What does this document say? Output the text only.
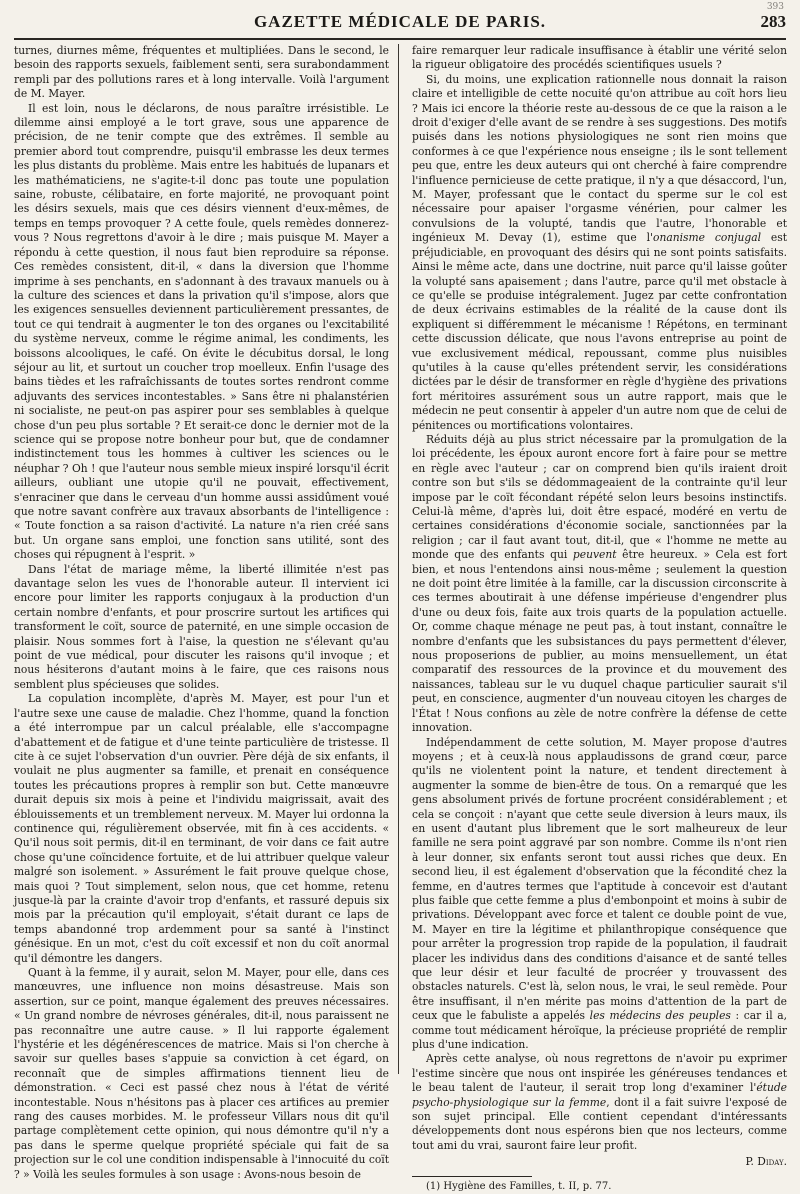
393
GAZETTE MÉDICALE DE PARIS.	283

turnes, diurnes même, fréquentes et multipliées. Dans le second, le besoin des rapports sexuels, faiblement senti, sera surabondamment rempli par des pollutions rares et à long intervalle. Voilà l'argument de M. Mayer.

Il est loin, nous le déclarons, de nous paraître irrésistible. Le dilemme ainsi employé a le tort grave, sous une apparence de précision, de ne tenir compte que des extrêmes. Il semble au premier abord tout comprendre, puisqu'il embrasse les deux termes les plus distants du problème. Mais entre les habitués de lupanars et les mathématiciens, ne s'agite-t-il donc pas toute une population saine, robuste, célibataire, en forte majorité, ne provoquant point les désirs sexuels, mais que ces désirs viennent d'eux-mêmes, de temps en temps provoquer ? A cette foule, quels remèdes donnerez-vous ? Nous regrettons d'avoir à le dire ; mais puisque M. Mayer a répondu à cette question, il nous faut bien reproduire sa réponse. Ces remèdes consistent, dit-il, « dans la diversion que l'homme imprime à ses penchants, en s'adonnant à des travaux manuels ou à la culture des sciences et dans la privation qu'il s'impose, alors que les exigences sensuelles deviennent particulièrement pressantes, de tout ce qui tendrait à augmenter le ton des organes ou l'excitabilité du système nerveux, comme le régime animal, les condiments, les boissons alcooliques, le café. On évite le décubitus dorsal, le long séjour au lit, et surtout un coucher trop moelleux. Enfin l'usage des bains tièdes et les rafraîchissants de toutes sortes rendront comme adjuvants des services incontestables. » Sans être ni phalanstérien ni socialiste, ne peut-on pas aspirer pour ses semblables à quelque chose d'un peu plus sortable ? Et serait-ce donc le dernier mot de la science qui se propose notre bonheur pour but, que de condamner indistinctement tous les hommes à cultiver les sciences ou le néuphar ? Oh ! que l'auteur nous semble mieux inspiré lorsqu'il écrit ailleurs, oubliant une utopie qu'il ne pouvait, effectivement, s'enraciner que dans le cerveau d'un homme aussi assidûment voué que notre savant confrère aux travaux absorbants de l'intelligence : « Toute fonction a sa raison d'activité. La nature n'a rien créé sans but. Un organe sans emploi, une fonction sans utilité, sont des choses qui répugnent à l'esprit. »

Dans l'état de mariage même, la liberté illimitée n'est pas davantage selon les vues de l'honorable auteur. Il intervient ici encore pour limiter les rapports conjugaux à la production d'un certain nombre d'enfants, et pour proscrire surtout les artifices qui transforment le coït, source de paternité, en une simple occasion de plaisir. Nous sommes fort à l'aise, la question ne s'élevant qu'au point de vue médical, pour discuter les raisons qu'il invoque ; et nous hésiterons d'autant moins à le faire, que ces raisons nous semblent plus spécieuses que solides.

La copulation incomplète, d'après M. Mayer, est pour l'un et l'autre sexe une cause de maladie. Chez l'homme, quand la fonction a été interrompue par un calcul préalable, elle s'accompagne d'abattement et de fatigue et d'une teinte particulière de tristesse. Il cite à ce sujet l'observation d'un ouvrier. Père déjà de six enfants, il voulait ne plus augmenter sa famille, et prenait en conséquence toutes les précautions propres à remplir son but. Cette manœuvre durait depuis six mois à peine et l'individu maigrissait, avait des éblouissements et un tremblement nerveux. M. Mayer lui ordonna la continence qui, régulièrement observée, mit fin à ces accidents. « Qu'il nous soit permis, dit-il en terminant, de voir dans ce fait autre chose qu'une coïncidence fortuite, et de lui attribuer quelque valeur malgré son isolement. » Assurément le fait prouve quelque chose, mais quoi ? Tout simplement, selon nous, que cet homme, retenu jusque-là par la crainte d'avoir trop d'enfants, et rassuré depuis six mois par la précaution qu'il employait, s'était durant ce laps de temps abandonné trop ardemment pour sa santé à l'instinct génésique. En un mot, c'est du coït excessif et non du coït anormal qu'il démontre les dangers.

Quant à la femme, il y aurait, selon M. Mayer, pour elle, dans ces manœuvres, une influence non moins désastreuse. Mais son assertion, sur ce point, manque également des preuves nécessaires. « Un grand nombre de névroses générales, dit-il, nous paraissent ne pas reconnaître une autre cause. » Il lui rapporte également l'hystérie et les dégénérescences de matrice. Mais si l'on cherche à savoir sur quelles bases s'appuie sa conviction à cet égard, on reconnaît que de simples affirmations tiennent lieu de démonstration. « Ceci est passé chez nous à l'état de vérité incontestable. Nous n'hésitons pas à placer ces artifices au premier rang des causes morbides. M. le professeur Villars nous dit qu'il partage complètement cette opinion, qui nous démontre qu'il n'y a pas dans le sperme quelque propriété spéciale qui fait de sa projection sur le col une condition indispensable à l'innocuité du coït ? » Voilà les seules formules à son usage : Avons-nous besoin de

faire remarquer leur radicale insuffisance à établir une vérité selon la rigueur obligatoire des procédés scientifiques usuels ?

Si, du moins, une explication rationnelle nous donnait la raison claire et intelligible de cette nocuité qu'on attribue au coït hors lieu ? Mais ici encore la théorie reste au-dessous de ce que la raison a le droit d'exiger d'elle avant de se rendre à ses suggestions. Des motifs puisés dans les notions physiologiques ne sont rien moins que conformes à ce que l'expérience nous enseigne ; ils le sont tellement peu que, entre les deux auteurs qui ont cherché à faire comprendre l'influence pernicieuse de cette pratique, il n'y a que désaccord, l'un, M. Mayer, professant que le contact du sperme sur le col est nécessaire pour apaiser l'orgasme vénérien, pour calmer les convulsions de la volupté, tandis que l'autre, l'honorable et ingénieux M. Devay (1), estime que l'onanisme conjugal est préjudiciable, en provoquant des désirs qui ne sont points satisfaits. Ainsi le même acte, dans une doctrine, nuit parce qu'il laisse goûter la volupté sans apaisement ; dans l'autre, parce qu'il met obstacle à ce qu'elle se produise intégralement. Jugez par cette confrontation de deux écrivains estimables de la réalité de la cause dont ils expliquent si différemment le mécanisme ! Répétons, en terminant cette discussion délicate, que nous l'avons entreprise au point de vue exclusivement médical, repoussant, comme plus nuisibles qu'utiles à la cause qu'elles prétendent servir, les considérations dictées par le désir de transformer en règle d'hygiène des privations fort méritoires assurément sous un autre rapport, mais que le médecin ne peut consentir à appeler d'un autre nom que de celui de pénitences ou mortifications volontaires.

Réduits déjà au plus strict nécessaire par la promulgation de la loi précédente, les époux auront encore fort à faire pour se mettre en règle avec l'auteur ; car on comprend bien qu'ils iraient droit contre son but s'ils se dédommageaient de la contrainte qu'il leur impose par le coït fécondant répété selon leurs besoins instinctifs. Celui-là même, d'après lui, doit être espacé, modéré en vertu de certaines considérations d'économie sociale, sanctionnées par la religion ; car il faut avant tout, dit-il, que « l'homme ne mette au monde que des enfants qui peuvent être heureux. » Cela est fort bien, et nous l'entendons ainsi nous-même ; seulement la question ne doit point être limitée à la famille, car la discussion circonscrite à ces termes aboutirait à une défense impérieuse d'engendrer plus d'une ou deux fois, faite aux trois quarts de la population actuelle. Or, comme chaque ménage ne peut pas, à tout instant, connaître le nombre d'enfants que les subsistances du pays permettent d'élever, nous proposerions de publier, au moins mensuellement, un état comparatif des ressources de la province et du mouvement des naissances, tableau sur le vu duquel chaque particulier saurait s'il peut, en conscience, augmenter d'un nouveau citoyen les charges de l'État ! Nous confions au zèle de notre confrère la défense de cette innovation.

Indépendamment de cette solution, M. Mayer propose d'autres moyens ; et à ceux-là nous applaudissons de grand cœur, parce qu'ils ne violentent point la nature, et tendent directement à augmenter la somme de bien-être de tous. On a remarqué que les gens absolument privés de fortune procréent considérablement ; et cela se conçoit : n'ayant que cette seule diversion à leurs maux, ils en usent d'autant plus librement que le sort malheureux de leur famille ne sera point aggravé par son nombre. Comme ils n'ont rien à leur donner, six enfants seront tout aussi riches que deux. En second lieu, il est également d'observation que la fécondité chez la femme, en d'autres termes que l'aptitude à concevoir est d'autant plus faible que cette femme a plus d'embonpoint et moins à subir de privations. Développant avec force et talent ce double point de vue, M. Mayer en tire la légitime et philanthropique conséquence que pour arrêter la progression trop rapide de la population, il faudrait placer les individus dans des conditions d'aisance et de santé telles que leur désir et leur faculté de procréer y trouvassent des obstacles naturels. C'est là, selon nous, le vrai, le seul remède. Pour être insuffisant, il n'en mérite pas moins d'attention de la part de ceux que le fabuliste a appelés les médecins des peuples : car il a, comme tout médicament héroïque, la précieuse propriété de remplir plus d'une indication.

Après cette analyse, où nous regrettons de n'avoir pu exprimer l'estime sincère que nous ont inspirée les généreuses tendances et le beau talent de l'auteur, il serait trop long d'examiner l'étude psycho-physiologique sur la femme, dont il a fait suivre l'exposé de son sujet principal. Elle contient cependant d'intéressants développements dont nous espérons bien que nos lecteurs, comme tout ami du vrai, sauront faire leur profit.

P. Diday.
(1) Hygiène des Familles, t. II, p. 77.
